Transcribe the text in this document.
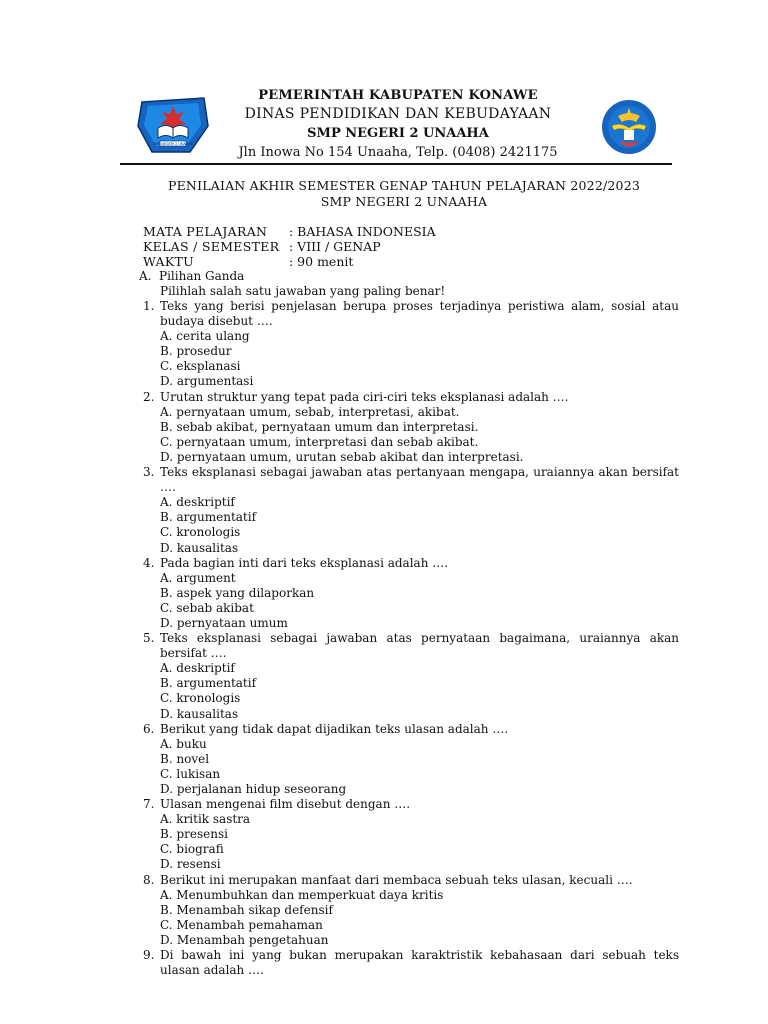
SMP NEGERI 2 UNAAHA
PEMERINTAH KABUPATEN KONAWE
DINAS PENDIDIKAN DAN KEBUDAYAAN
SMP NEGERI 2 UNAAHA
Jln Inowa No 154 Unaaha, Telp. (0408) 2421175
PENILAIAN AKHIR SEMESTER GENAP TAHUN PELAJARAN 2022/2023
SMP NEGERI 2 UNAAHA
MATA PELAJARAN	: BAHASA INDONESIA
KELAS / SEMESTER : VIII / GENAP
WAKTU	: 90 menit
A. Pilihan Ganda
Pilihlah salah satu jawaban yang paling benar!
1. Teks yang berisi penjelasan berupa proses terjadinya peristiwa alam, sosial atau budaya disebut ….
A. cerita ulang
B. prosedur
C. eksplanasi
D. argumentasi
2. Urutan struktur yang tepat pada ciri-ciri teks eksplanasi adalah ….
A. pernyataan umum, sebab, interpretasi, akibat.
B. sebab akibat, pernyataan umum dan interpretasi.
C. pernyataan umum, interpretasi dan sebab akibat.
D. pernyataan umum, urutan sebab akibat dan interpretasi.
3. Teks eksplanasi sebagai jawaban atas pertanyaan mengapa, uraiannya akan bersifat ….
A. deskriptif
B. argumentatif
C. kronologis
D. kausalitas
4. Pada bagian inti dari teks eksplanasi adalah ….
A. argument
B. aspek yang dilaporkan
C. sebab akibat
D. pernyataan umum
5. Teks eksplanasi sebagai jawaban atas pernyataan bagaimana, uraiannya akan bersifat ….
A. deskriptif
B. argumentatif
C. kronologis
D. kausalitas
6. Berikut yang tidak dapat dijadikan teks ulasan adalah ….
A. buku
B. novel
C. lukisan
D. perjalanan hidup seseorang
7. Ulasan mengenai film disebut dengan ….
A. kritik sastra
B. presensi
C. biografi
D. resensi
8. Berikut ini merupakan manfaat dari membaca sebuah teks ulasan, kecuali ….
A. Menumbuhkan dan memperkuat daya kritis
B. Menambah sikap defensif
C. Menambah pemahaman
D. Menambah pengetahuan
9. Di bawah ini yang bukan merupakan karaktristik kebahasaan dari sebuah teks ulasan adalah ….
